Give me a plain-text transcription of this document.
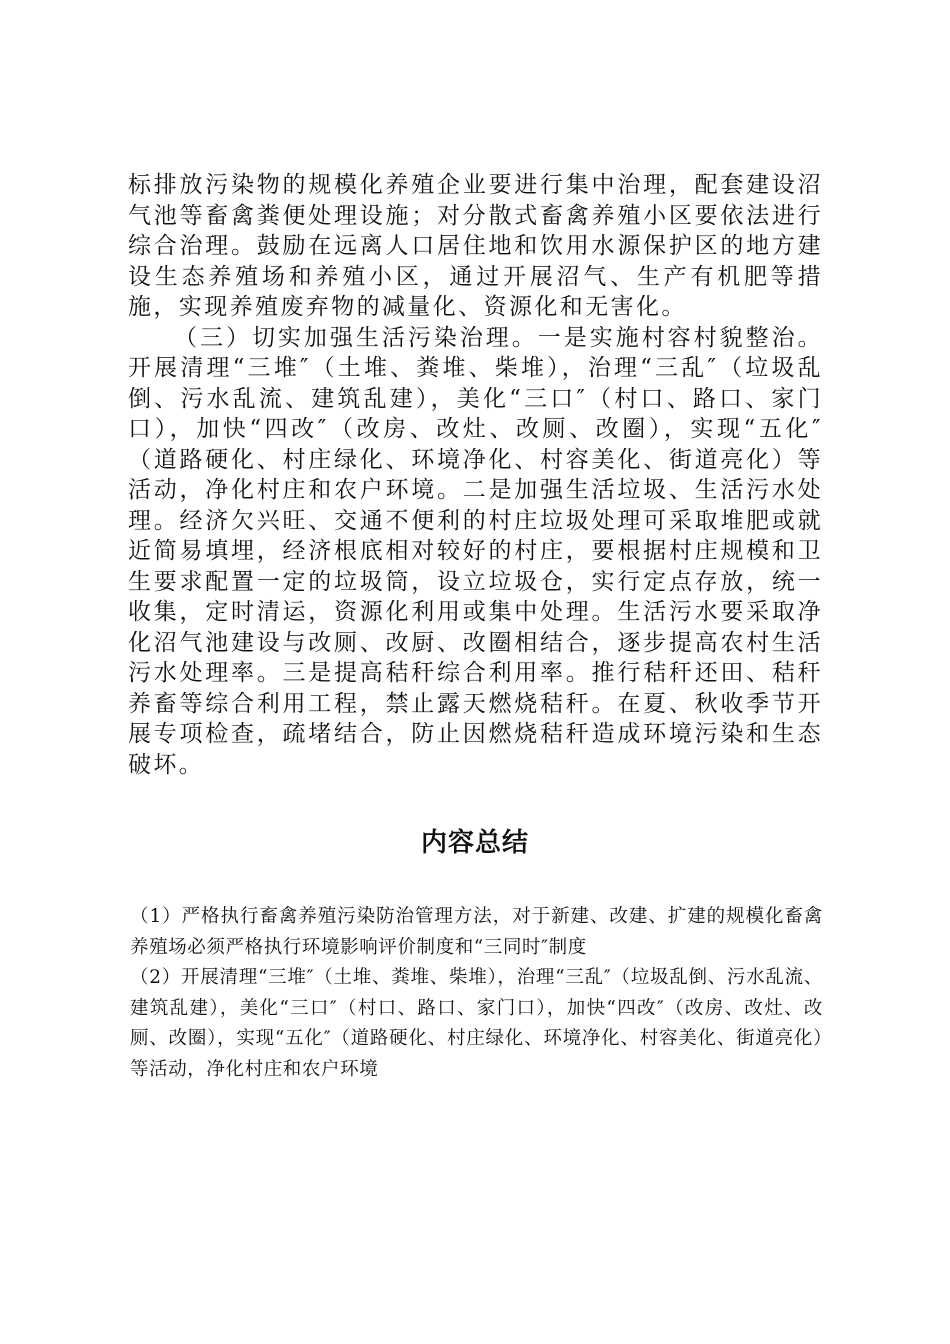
标排放污染物的规模化养殖企业要进行集中治理，配套建设沼气池等畜禽粪便处理设施；对分散式畜禽养殖小区要依法进行综合治理。鼓励在远离人口居住地和饮用水源保护区的地方建设生态养殖场和养殖小区，通过开展沼气、生产有机肥等措施，实现养殖废弃物的减量化、资源化和无害化。

（三）切实加强生活污染治理。一是实施村容村貌整治。开展清理“三堆″（土堆、粪堆、柴堆），治理“三乱″（垃圾乱倒、污水乱流、建筑乱建），美化“三口″（村口、路口、家门口），加快“四改″（改房、改灶、改厕、改圈），实现“五化″（道路硬化、村庄绿化、环境净化、村容美化、街道亮化）等活动，净化村庄和农户环境。二是加强生活垃圾、生活污水处理。经济欠兴旺、交通不便利的村庄垃圾处理可采取堆肥或就近简易填埋，经济根底相对较好的村庄，要根据村庄规模和卫生要求配置一定的垃圾筒，设立垃圾仓，实行定点存放，统一收集，定时清运，资源化利用或集中处理。生活污水要采取净化沼气池建设与改厕、改厨、改圈相结合，逐步提高农村生活污水处理率。三是提高秸秆综合利用率。推行秸秆还田、秸秆养畜等综合利用工程，禁止露天燃烧秸秆。在夏、秋收季节开展专项检查，疏堵结合，防止因燃烧秸秆造成环境污染和生态破坏。

内容总结

（1）严格执行畜禽养殖污染防治管理方法，对于新建、改建、扩建的规模化畜禽养殖场必须严格执行环境影响评价制度和“三同时″制度

（2）开展清理“三堆″（土堆、粪堆、柴堆），治理“三乱″（垃圾乱倒、污水乱流、建筑乱建），美化“三口″（村口、路口、家门口），加快“四改″（改房、改灶、改厕、改圈），实现“五化″（道路硬化、村庄绿化、环境净化、村容美化、街道亮化）等活动，净化村庄和农户环境
